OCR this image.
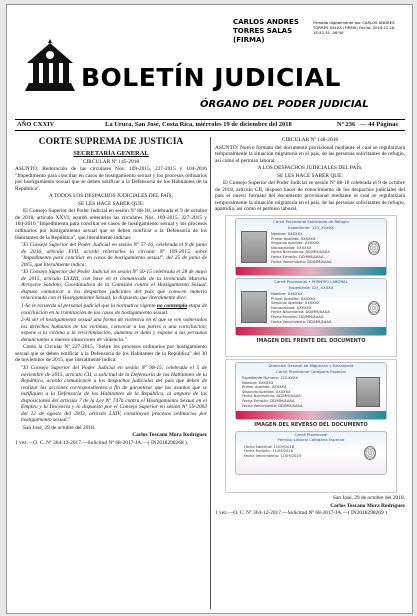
CARLOS ANDRES TORRES SALAS (FIRMA)
Firmado digitalmente por CARLOS ANDRES TORRES SALAS (FIRMA) Fecha: 2018.12.18 15:42:31 -06'00'
BOLETÍN JUDICIAL
ÓRGANO DEL PODER JUDICIAL
AÑO CXXIV	La Uruca, San José, Costa Rica, miércoles 19 de diciembre del 2018	Nº 236 — 44 Páginas

CORTE SUPREMA DE JUSTICIA

SECRETARÍA GENERAL

CIRCULAR Nº 145-2018

ASUNTO: Reiteración de las circulares Nos. 109-2015, 227-2015 y 104-2016 "Impedimento para conciliar en casos de hostigamiento sexual y los procesos ordinarios por hostigamiento sexual que se deben notificar a la Defensoría de los Habitantes de la República".

A TODOS LOS DESPACHOS JUDICIALES DEL PAÍS,

SE LES HACE SABER QUE:

El Consejo Superior del Poder Judicial en sesión Nº 88-18, celebrada el 9 de octubre de 2018, artículo XXVI, acordó reiterarles las circulares Nos. 109-2015, 227-2015 y 104-2016 "Impedimento para conciliar en casos de hostigamiento sexual y los procesos ordinarios por hostigamiento sexual que se deben notificar a la Defensoría de los Habitantes de la República", que literalmente indican:

"El Consejo Superior del Poder Judicial en sesión Nº 57-16, celebrada el 9 de junio de 2016, artículo XVII, acordó reiterarles la circular Nº 109-2015, sobre "Impedimento para conciliar en casos de hostigamiento sexual", del 25 de junio de 2015, que literalmente indica:

"El Consejo Superior del Poder Judicial en sesión Nº 50-15 celebrada el 28 de mayo de 2015, artículo LXXIII, con base en el comunicado de la licenciada Marcela Arroyave Sandino, Coordinadora de la Comisión contra el Hostigamiento Sexual, dispuso comunicar a los despachos judiciales del país que conocen materia relacionada con el Hostigamiento Sexual, lo dispuesto que literalmente dice:

1-Se le recuerda al personal judicial que la normativa vigente no contempla etapa de conciliación en la tramitación de los casos de hostigamiento sexual.

2-Al ser el hostigamiento sexual una forma de violencia en el que se ven vulnerados los derechos humanos de las víctimas, convocar a las partes a una conciliación, expone a la víctima a la revictimización, aumenta el daño y expone a las personas denunciantes a nuevas situaciones de violencia."

Como la Circular Nº 227-2015, "Sobre los procesos ordinarios por hostigamiento sexual que se deben notificar a la Defensoría de los Habitantes de la República" del 30 de noviembre de 2015, que literalmente indica:

"El Consejo Superior del Poder Judicial en sesión Nº 98-15, celebrada el 5 de noviembre de 2015, artículo CII, a solicitud de la Defensoría de los Habitantes de la República, acordó comunicarle a los despachos judiciales del país que deben de realizar las acciones correspondientes a fin de garantizar que los asuntos que se notifiquen a la Defensoría de los Habitantes de la República, al amparo de las disposiciones del artículo 7 de la Ley Nº 7476 contra el Hostigamiento Sexual en el Empleo y la Docencia y lo dispuesto por el Consejo Superior en sesión Nº 59-2003 del 12 de agosto del 2003, artículo LXIV, constituyan procesos ordinarios por hostigamiento sexual."

San José, 29 de octubre del 2018.

Carlos Toscano Mora Rodríguez

1 vez.—O. C. Nº 364-12-2017.—Solicitud Nº 68-2017-JA.—( IN2018298268 ).

CIRCULAR Nº 148-2018

ASUNTO: Nuevo formato del documento provisional mediante el cual se regularizará temporalmente la situación migratoria en el país, de las personas solicitantes de refugio, así como el permiso laboral.

A LOS DESPACHOS JUDICIALES DEL PAÍS,

SE LES HACE SABER QUE:

El Consejo Superior del Poder Judicial en sesión Nº 88-18 celebrada el 9 de octubre de 2018, artículo CII, dispuso hacer de conocimiento de los despachos judiciales del país el nuevo formato del documento provisional mediante el cual se regularizará temporalmente la situación migratoria en el país, de las personas solicitantes de refugio, apatridia, así como el permiso laboral.

Carné Provisional Solicitante de Refugio
Expediente: 123_XXXXX
Nombre: XXXXXX
Primer Apellido: XXXXXX
Segundo Apellido: XXXXXX
Nacionalidad: XXXXXX
Fecha Nacimiento: DD/MM/AAAA
Fecha Emisión: DD/MM/AAAA
Fecha Vencimiento: DD/MM/AAAA
Carné Provisional • PERMISO LABORAL
Expediente 123_XXXXX
Nombre: XXXXXX
Primer Apellido: XXXXXX
Segundo Apellido: XXXXXX
Nacionalidad: XXXXXX
Fecha Nacimiento: DD/MM/AAAA
Fecha Emisión: DD/MM/AAAA
Fecha Vencimiento: DD/MM/AAAA
IMAGEN DEL FRENTE DEL DOCUMENTO
Dirección General de Migración y Extranjería
Carné Provisional Categoría Especial
Expediente Número: 123-XXXX
Nombre: XXXXXX
Primer Apellido: XXXXXX
Segundo Apellido: XXXXXX
Fecha Nacimiento: DD/MM/AAAA
Fecha Emisión: DD/MM/AAAA
Fecha Vencimiento: DD/MM/AAAA
IMAGEN DEL REVERSO DEL DOCUMENTO
Carné Provisional
Permiso Laboral Categoría Especial
Fecha Solicitud: 11/09/2018
Fecha Emisión: 11/09/2018
Fecha Vencimiento: 11/09/2019

San José, 29 de octubre del 2018.

Carlos Toscano Mora Rodríguez

1 vez.—O. C. Nº 364-12-2017.—Solicitud Nº 68-2017-JA.—( IN2018298269 ).
